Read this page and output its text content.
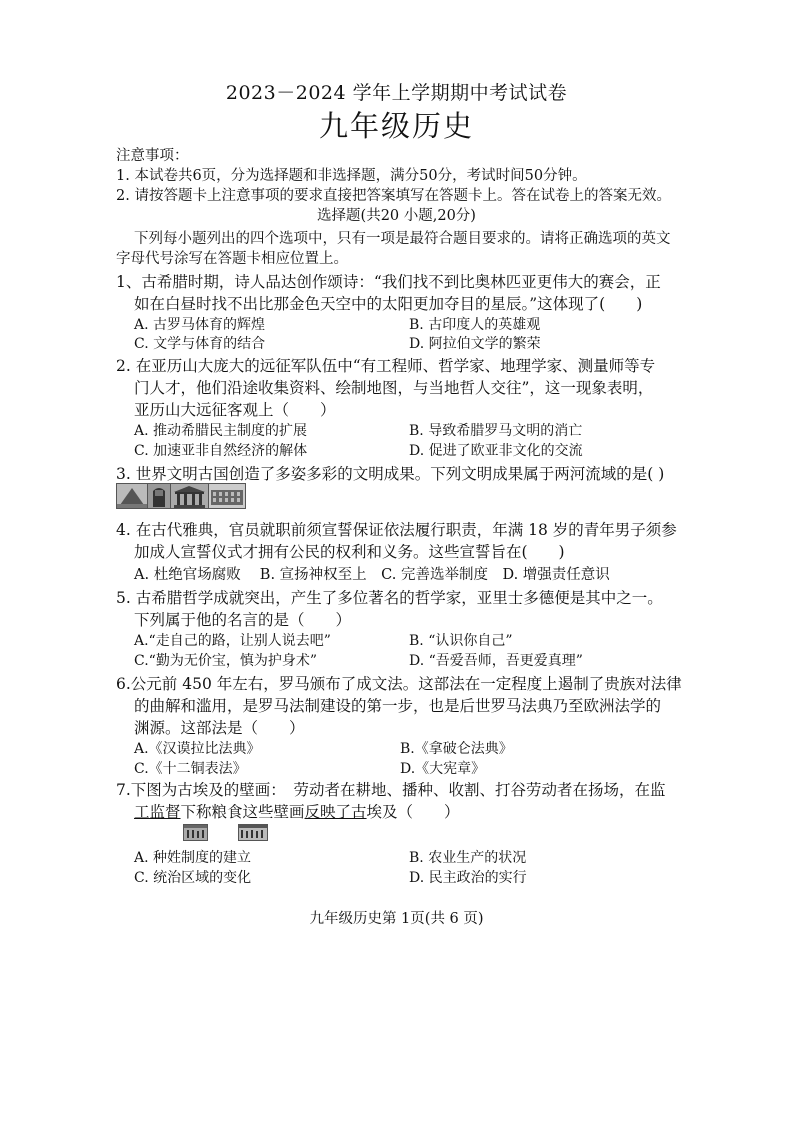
2023－2024 学年上学期期中考试试卷
九年级历史
注意事项：
1. 本试卷共6页，分为选择题和非选择题，满分50分，考试时间50分钟。
2. 请按答题卡上注意事项的要求直接把答案填写在答题卡上。答在试卷上的答案无效。
选择题(共20 小题,20分)
下列每小题列出的四个选项中，只有一项是最符合题目要求的。请将正确选项的英文
字母代号涂写在答题卡相应位置上。
1、古希腊时期，诗人品达创作颂诗：“我们找不到比奥林匹亚更伟大的赛会，正
如在白昼时找不出比那金色天空中的太阳更加夺目的星辰。”这体现了(　　)
A. 古罗马体育的辉煌	B. 古印度人的英雄观
C. 文学与体育的结合	D. 阿拉伯文学的繁荣
2. 在亚历山大庞大的远征军队伍中“有工程师、哲学家、地理学家、测量师等专
门人才，他们沿途收集资料、绘制地图，与当地哲人交往”，这一现象表明，
亚历山大远征客观上（　　）
A. 推动希腊民主制度的扩展	B. 导致希腊罗马文明的消亡
C. 加速亚非自然经济的解体	D. 促进了欧亚非文化的交流
3. 世界文明古国创造了多姿多彩的文明成果。下列文明成果属于两河流域的是( )
4. 在古代雅典，官员就职前须宣誓保证依法履行职责，年满 18 岁的青年男子须参
加成人宣誓仪式才拥有公民的权利和义务。这些宣誓旨在(　　)
A. 杜绝官场腐败　 B. 宣扬神权至上　C. 完善选举制度　D. 增强责任意识
5. 古希腊哲学成就突出，产生了多位著名的哲学家，亚里士多德便是其中之一。
下列属于他的名言的是（　　）
A.“走自己的路，让别人说去吧”	B. “认识你自己”
C.“勤为无价宝，慎为护身术”	D. “吾爱吾师，吾更爱真理”
6.公元前 450 年左右，罗马颁布了成文法。这部法在一定程度上遏制了贵族对法律
的曲解和滥用，是罗马法制建设的第一步，也是后世罗马法典乃至欧洲法学的
渊源。这部法是（　　）
A.《汉谟拉比法典》	B.《拿破仑法典》
C.《十二铜表法》	D.《大宪章》
7.下图为古埃及的壁画：　劳动者在耕地、播种、收割、打谷劳动者在扬场，在监
工监督下称粮食这些壁画反映了古埃及（　　）
A. 种姓制度的建立	B. 农业生产的状况
C. 统治区域的变化	D. 民主政治的实行
九年级历史第 1页(共 6 页)
